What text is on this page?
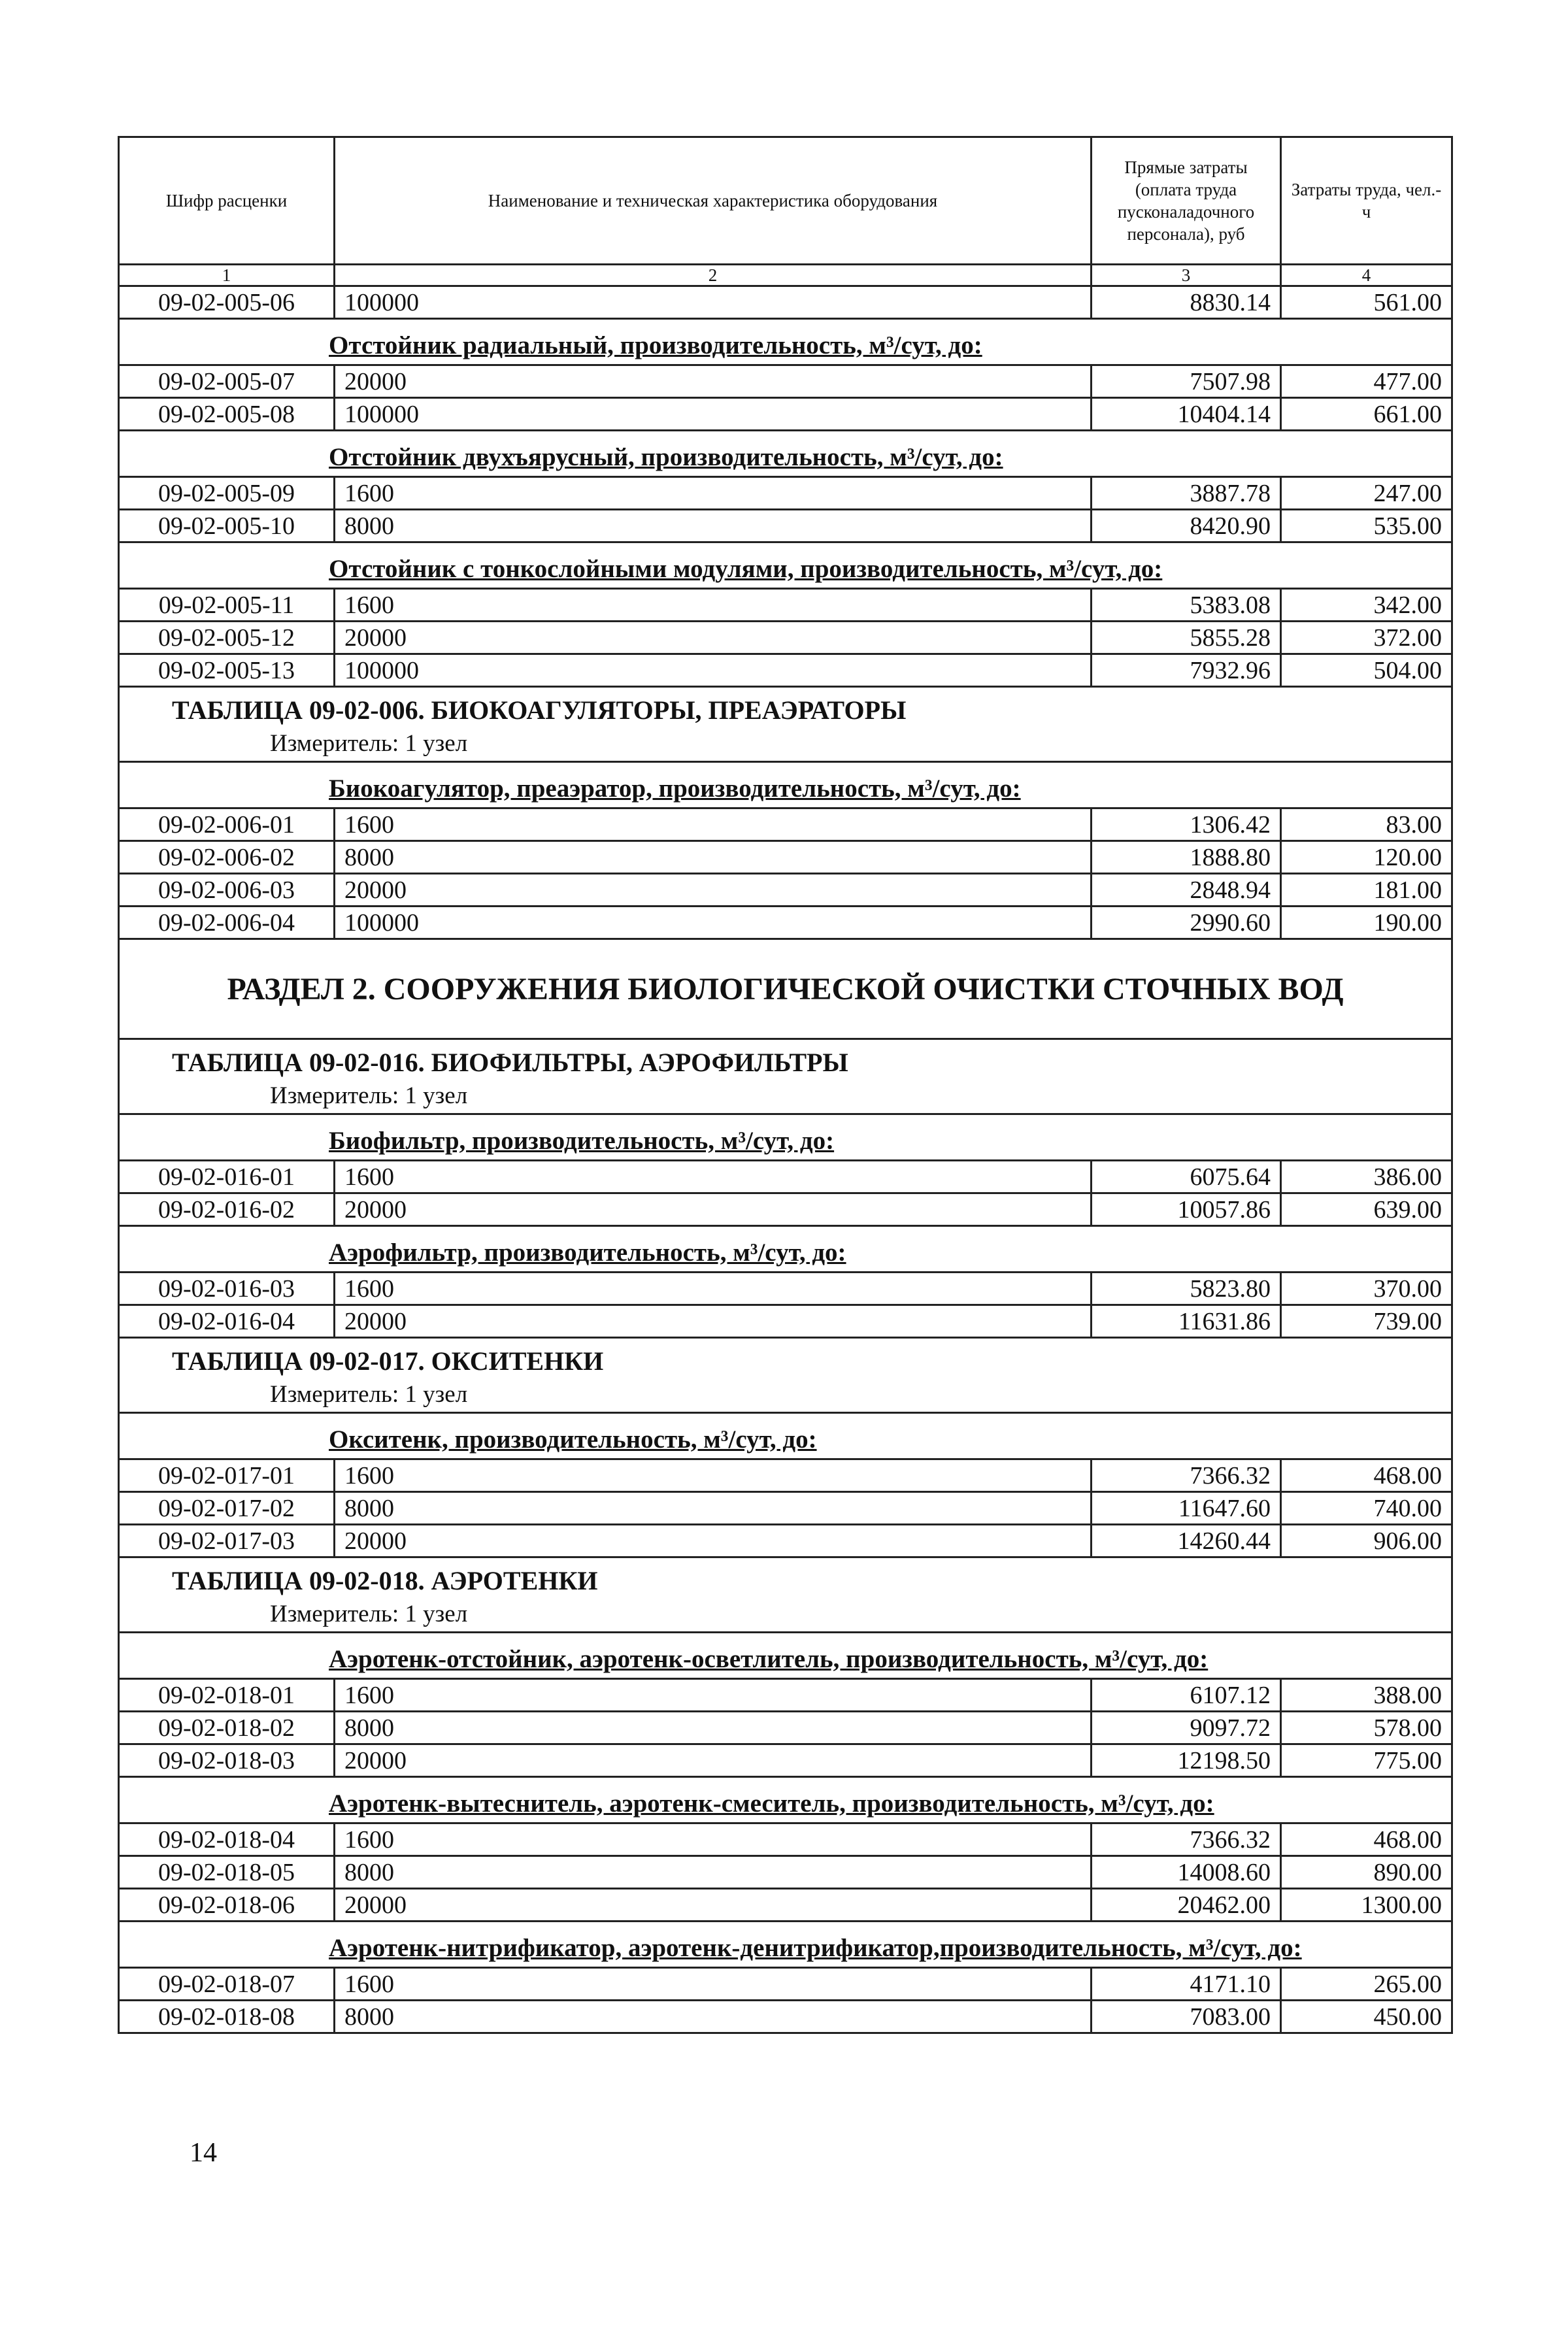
Шифр расценки	Наименование и техническая характеристика оборудования	Прямые затраты (оплата труда пусконаладочного персонала), руб	Затраты труда, чел.-ч
1	2	3	4
09-02-005-06	100000	8830.14	561.00
Отстойник радиальный, производительность, м³/сут, до:			
09-02-005-07	20000	7507.98	477.00
09-02-005-08	100000	10404.14	661.00
Отстойник двухъярусный, производительность, м³/сут, до:			
09-02-005-09	1600	3887.78	247.00
09-02-005-10	8000	8420.90	535.00
Отстойник с тонкослойными модулями, производительность, м³/сут, до:			
09-02-005-11	1600	5383.08	342.00
09-02-005-12	20000	5855.28	372.00
09-02-005-13	100000	7932.96	504.00
ТАБЛИЦА 09-02-006. БИОКОАГУЛЯТОРЫ, ПРЕАЭРАТОРЫ			
Измеритель: 1 узел			
Биокоагулятор, преаэратор, производительность, м³/сут, до:			
09-02-006-01	1600	1306.42	83.00
09-02-006-02	8000	1888.80	120.00
09-02-006-03	20000	2848.94	181.00
09-02-006-04	100000	2990.60	190.00
РАЗДЕЛ 2. СООРУЖЕНИЯ БИОЛОГИЧЕСКОЙ ОЧИСТКИ СТОЧНЫХ ВОД			
ТАБЛИЦА 09-02-016. БИОФИЛЬТРЫ, АЭРОФИЛЬТРЫ			
Измеритель: 1 узел			
Биофильтр, производительность, м³/сут, до:			
09-02-016-01	1600	6075.64	386.00
09-02-016-02	20000	10057.86	639.00
Аэрофильтр, производительность, м³/сут, до:			
09-02-016-03	1600	5823.80	370.00
09-02-016-04	20000	11631.86	739.00
ТАБЛИЦА 09-02-017. ОКСИТЕНКИ			
Измеритель: 1 узел			
Окситенк, производительность, м³/сут, до:			
09-02-017-01	1600	7366.32	468.00
09-02-017-02	8000	11647.60	740.00
09-02-017-03	20000	14260.44	906.00
ТАБЛИЦА 09-02-018. АЭРОТЕНКИ			
Измеритель: 1 узел			
Аэротенк-отстойник, аэротенк-осветлитель, производительность, м³/сут, до:			
09-02-018-01	1600	6107.12	388.00
09-02-018-02	8000	9097.72	578.00
09-02-018-03	20000	12198.50	775.00
Аэротенк-вытеснитель, аэротенк-смеситель, производительность, м³/сут, до:			
09-02-018-04	1600	7366.32	468.00
09-02-018-05	8000	14008.60	890.00
09-02-018-06	20000	20462.00	1300.00
Аэротенк-нитрификатор, аэротенк-денитрификатор,производительность, м³/сут, до:			
09-02-018-07	1600	4171.10	265.00
09-02-018-08	8000	7083.00	450.00
14
